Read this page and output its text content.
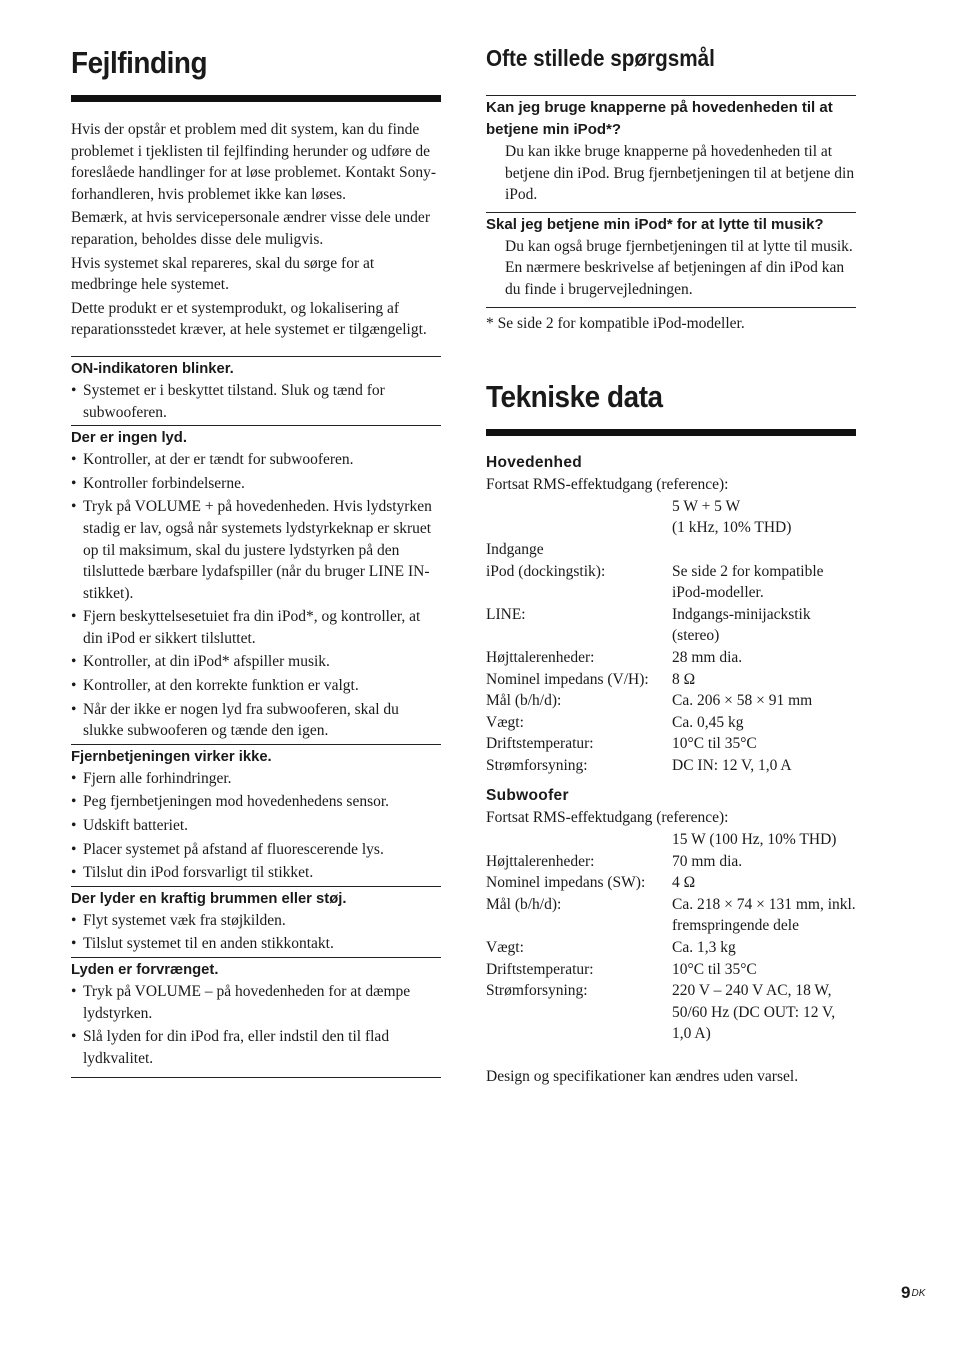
Fejlfinding

Hvis der opstår et problem med dit system, kan du finde problemet i tjeklisten til fejlfinding herunder og udføre de foreslåede handlinger for at løse problemet. Kontakt Sony-forhandleren, hvis problemet ikke kan løses.

Bemærk, at hvis servicepersonale ændrer visse dele under reparation, beholdes disse dele muligvis.

Hvis systemet skal repareres, skal du sørge for at medbringe hele systemet.

Dette produkt er et systemprodukt, og lokalisering af reparationsstedet kræver, at hele systemet er tilgængeligt.

ON-indikatoren blinker.

• Systemet er i beskyttet tilstand. Sluk og tænd for subwooferen.

Der er ingen lyd.

• Kontroller, at der er tændt for subwooferen.
• Kontroller forbindelserne.
• Tryk på VOLUME + på hovedenheden. Hvis lydstyrken stadig er lav, også når systemets lydstyrkeknap er skruet op til maksimum, skal du justere lydstyrken på den tilsluttede bærbare lydafspiller (når du bruger LINE IN-stikket).
• Fjern beskyttelsesetuiet fra din iPod*, og kontroller, at din iPod er sikkert tilsluttet.
• Kontroller, at din iPod* afspiller musik.
• Kontroller, at den korrekte funktion er valgt.
• Når der ikke er nogen lyd fra subwooferen, skal du slukke subwooferen og tænde den igen.

Fjernbetjeningen virker ikke.

• Fjern alle forhindringer.
• Peg fjernbetjeningen mod hovedenhedens sensor.
• Udskift batteriet.
• Placer systemet på afstand af fluorescerende lys.
• Tilslut din iPod forsvarligt til stikket.

Der lyder en kraftig brummen eller støj.

• Flyt systemet væk fra støjkilden.
• Tilslut systemet til en anden stikkontakt.

Lyden er forvrænget.

• Tryk på VOLUME – på hovedenheden for at dæmpe lydstyrken.
• Slå lyden for din iPod fra, eller indstil den til flad lydkvalitet.
Ofte stillede spørgsmål

Kan jeg bruge knapperne på hovedenheden til at betjene min iPod*?

Du kan ikke bruge knapperne på hovedenheden til at betjene din iPod. Brug fjernbetjeningen til at betjene din iPod.

Skal jeg betjene min iPod* for at lytte til musik?

Du kan også bruge fjernbetjeningen til at lytte til musik. En nærmere beskrivelse af betjeningen af din iPod kan du finde i brugervejledningen.

* Se side 2 for kompatible iPod-modeller.

Tekniske data

Hovedenhed

Fortsat RMS-effektudgang (reference):
5 W + 5 W
(1 kHz, 10% THD)
Indgange
iPod (dockingstik):	Se side 2 for kompatible iPod-modeller.
LINE:	Indgangs-minijackstik (stereo)
Højttalerenheder:	28 mm dia.
Nominel impedans (V/H):	8 Ω
Mål (b/h/d):	Ca. 206 × 58 × 91 mm
Vægt:	Ca. 0,45 kg
Driftstemperatur:	10°C til 35°C
Strømforsyning:	DC IN: 12 V, 1,0 A

Subwoofer

Fortsat RMS-effektudgang (reference):
15 W (100 Hz, 10% THD)
Højttalerenheder:	70 mm dia.
Nominel impedans (SW):	4 Ω
Mål (b/h/d):	Ca. 218 × 74 × 131 mm, inkl. fremspringende dele
Vægt:	Ca. 1,3 kg
Driftstemperatur:	10°C til 35°C
Strømforsyning:	220 V – 240 V AC, 18 W, 50/60 Hz (DC OUT: 12 V, 1,0 A)

Design og specifikationer kan ændres uden varsel.

$9^{DK}$
